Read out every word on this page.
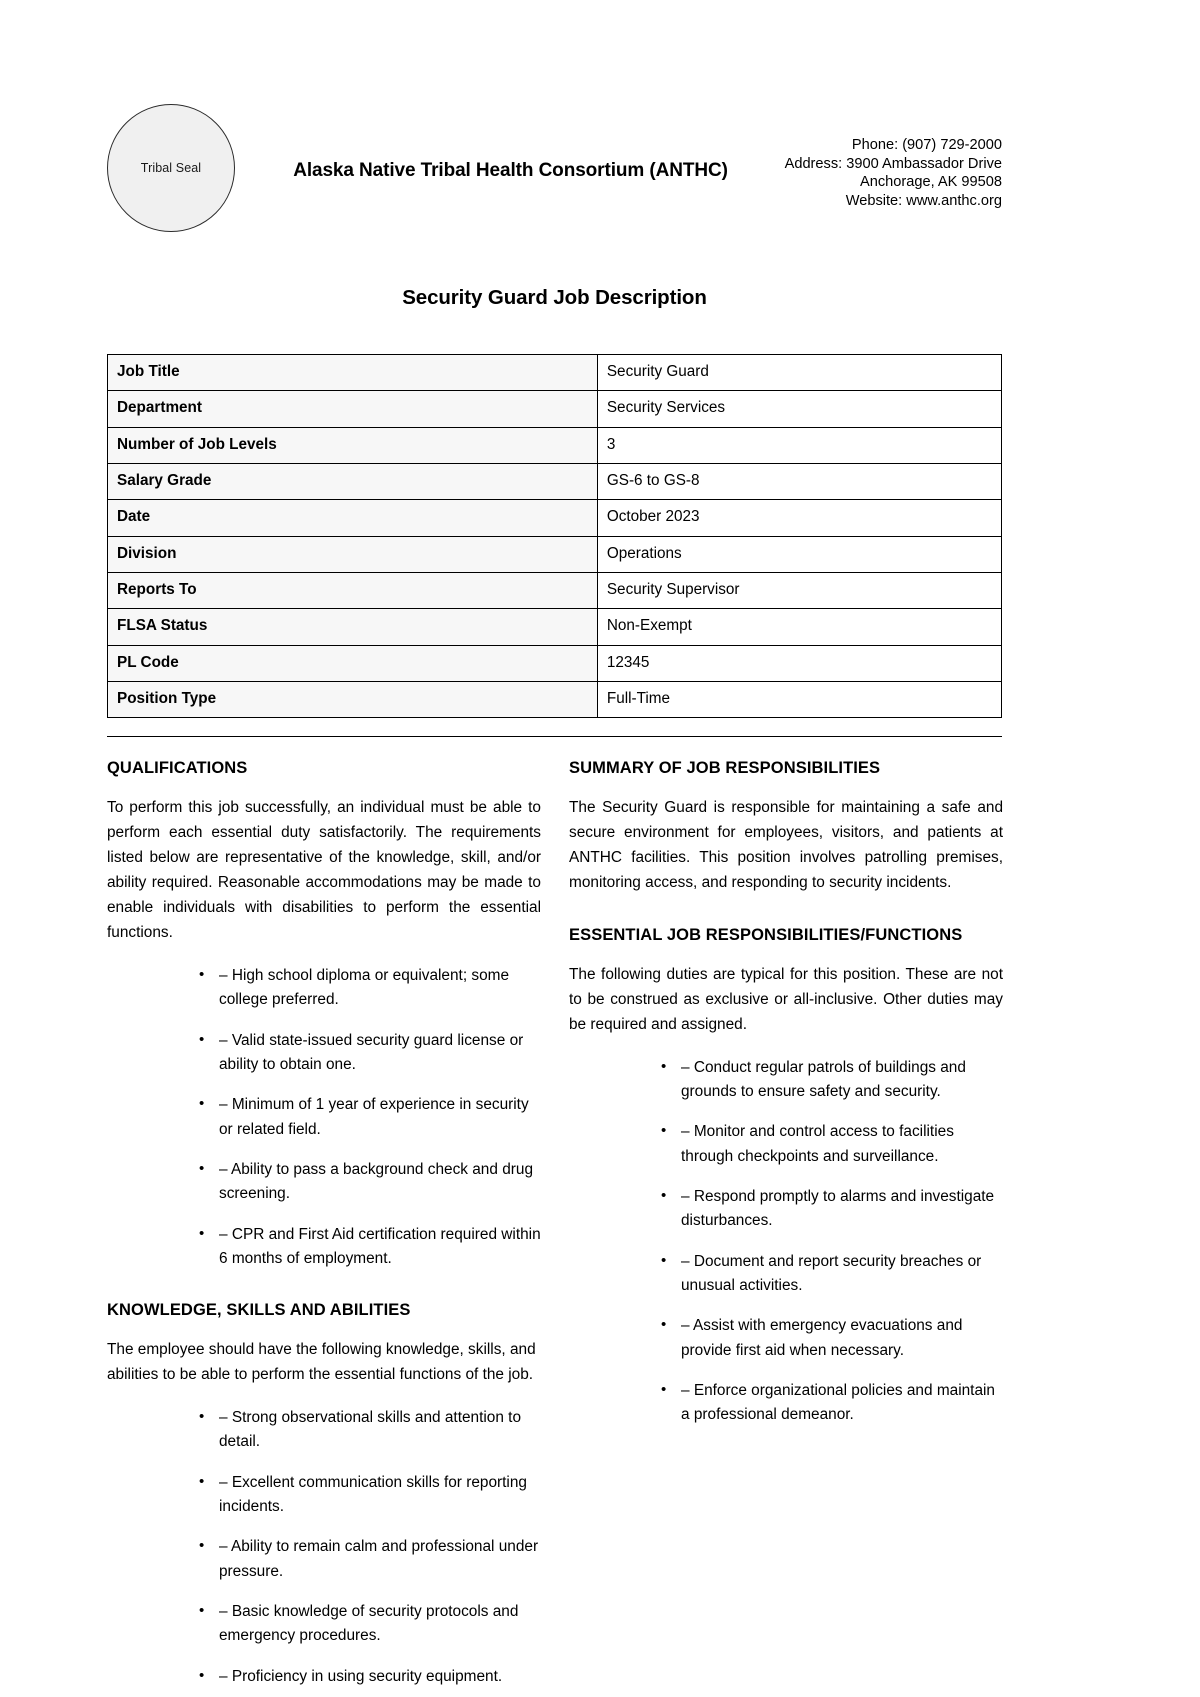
Tribal Seal	Alaska Native Tribal Health Consortium (ANTHC)
Phone: (907) 729-2000
Address: 3900 Ambassador Drive
Anchorage, AK 99508
Website: www.anthc.org
Security Guard Job Description
Job Title	Security Guard
Department	Security Services
Number of Job Levels	3
Salary Grade	GS-6 to GS-8
Date	October 2023
Division	Operations
Reports To	Security Supervisor
FLSA Status	Non-Exempt
PL Code	12345
Position Type	Full-Time
QUALIFICATIONS

To perform this job successfully, an individual must be able to perform each essential duty satisfactorily. The requirements listed below are representative of the knowledge, skill, and/or ability required. Reasonable accommodations may be made to enable individuals with disabilities to perform the essential functions.

• – High school diploma or equivalent; some college preferred.
• – Valid state-issued security guard license or ability to obtain one.
• – Minimum of 1 year of experience in security or related field.
• – Ability to pass a background check and drug screening.
• – CPR and First Aid certification required within 6 months of employment.
KNOWLEDGE, SKILLS AND ABILITIES

The employee should have the following knowledge, skills, and abilities to be able to perform the essential functions of the job.

• – Strong observational skills and attention to detail.
• – Excellent communication skills for reporting incidents.
• – Ability to remain calm and professional under pressure.
• – Basic knowledge of security protocols and emergency procedures.
• – Proficiency in using security equipment.
SUMMARY OF JOB RESPONSIBILITIES

The Security Guard is responsible for maintaining a safe and secure environment for employees, visitors, and patients at ANTHC facilities. This position involves patrolling premises, monitoring access, and responding to security incidents.

ESSENTIAL JOB RESPONSIBILITIES/FUNCTIONS

The following duties are typical for this position. These are not to be construed as exclusive or all-inclusive. Other duties may be required and assigned.

• – Conduct regular patrols of buildings and grounds to ensure safety and security.
• – Monitor and control access to facilities through checkpoints and surveillance.
• – Respond promptly to alarms and investigate disturbances.
• – Document and report security breaches or unusual activities.
• – Assist with emergency evacuations and provide first aid when necessary.
• – Enforce organizational policies and maintain a professional demeanor.
